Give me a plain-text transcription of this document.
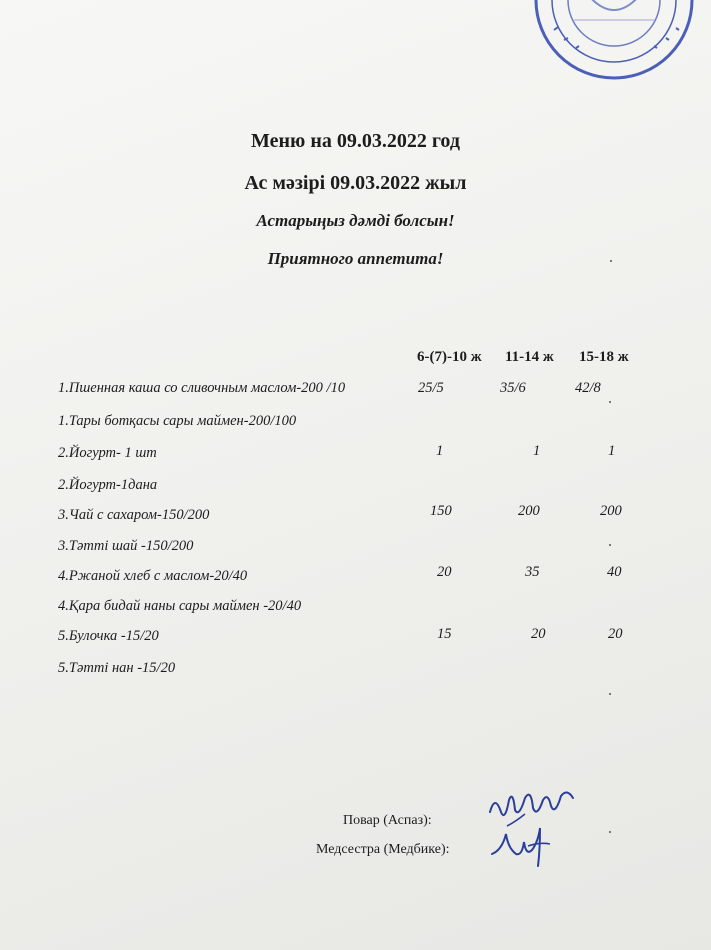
Меню на 09.03.2022 год
Ас мәзірі 09.03.2022 жыл
Астарыңыз дәмді болсын!
Приятного аппетита!
6-(7)-10 ж 11-14 ж 15-18 ж
1.Пшенная каша со сливочным маслом-200 /10	25/5	35/6	42/8
1.Тары ботқасы сары маймен-200/100
2.Йогурт- 1 шт	1	1	1
2.Йогурт-1дана
3.Чай с сахаром-150/200	150	200	200
3.Тәтті шай -150/200
4.Ржаной хлеб с маслом-20/40	20	35	40
4.Қара бидай наны сары маймен -20/40
5.Булочка -15/20	15	20	20
5.Тәтті нан -15/20
Повар (Аспаз):
Медсестра (Медбике):
